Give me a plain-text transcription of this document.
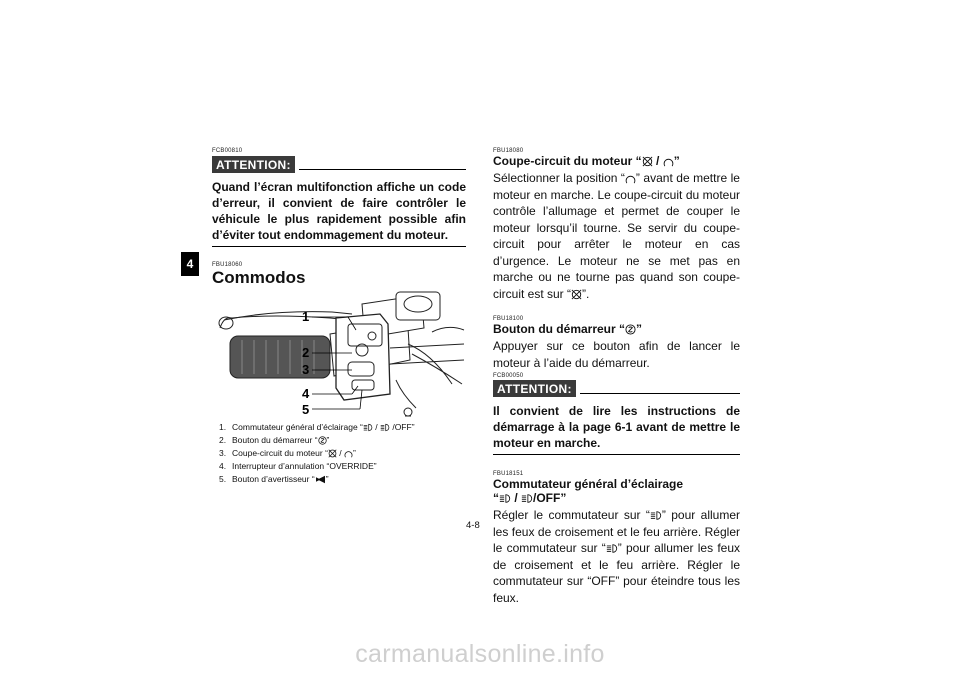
4
FCB00810
ATTENTION:
Quand l’écran multifonction affiche un code d’erreur, il convient de faire contrôler le véhicule le plus rapidement possible afin d’éviter tout endommagement du moteur.
FBU18060
Commodos
1
2
3
4
5
1. Commutateur général d’éclairage “ /  /OFF”
2. Bouton du démarreur “ ”
3. Coupe-circuit du moteur “ / ”
4. Interrupteur d’annulation “OVERRIDE”
5. Bouton d’avertisseur “ ”
FBU18080
Coupe-circuit du moteur “ / ”
Sélectionner la position “ ” avant de mettre le moteur en marche. Le coupe-circuit du moteur contrôle l’allumage et permet de couper le moteur lorsqu’il tourne. Se servir du coupe-circuit pour arrêter le moteur en cas d’urgence. Le moteur ne se met pas en marche ou ne tourne pas quand son coupe-circuit est sur “ ”.
FBU18100
Bouton du démarreur “ ”
Appuyer sur ce bouton afin de lancer le moteur à l’aide du démarreur.
FCB00050
ATTENTION:
Il convient de lire les instructions de démarrage à la page 6-1 avant de mettre le moteur en marche.
FBU18151
Commutateur général d’éclairage
“ / /OFF”
Régler le commutateur sur “ ” pour allumer les feux de croisement et le feu arrière. Régler le commutateur sur “ ” pour allumer les feux de croisement et le feu arrière. Régler le commutateur sur “OFF” pour éteindre tous les feux.
4-8
carmanualsonline.info
